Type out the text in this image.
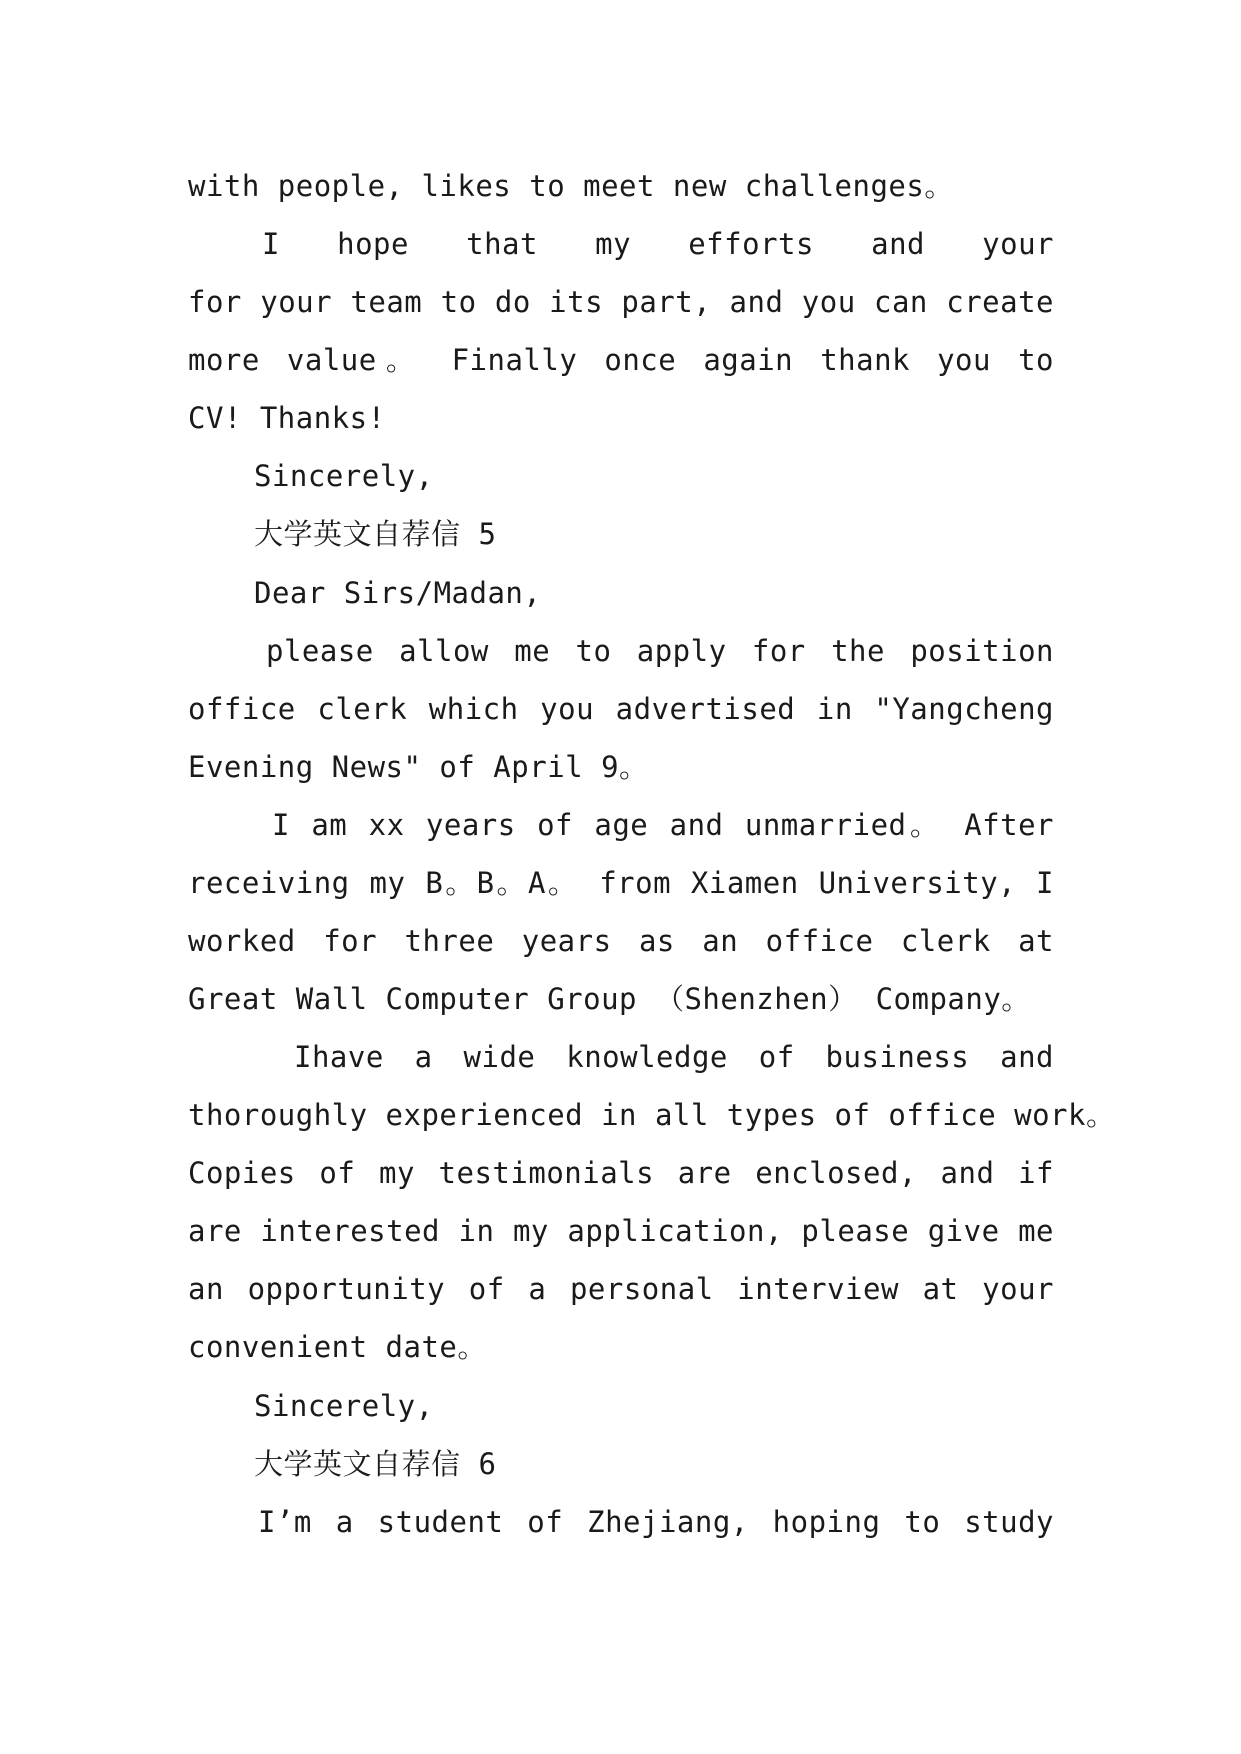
with people, likes to meet new challenges。
I hope that my efforts and your
for your team to do its part, and you can create
more value。 Finally once again thank you to
CV! Thanks!
Sincerely,
大学英文自荐信 5
Dear Sirs/Madan,
please allow me to apply for the position
office clerk which you advertised in "Yangcheng
Evening News" of April 9。
I am xx years of age and unmarried。 After
receiving my B。B。A。 from Xiamen University, I
worked for three years as an office clerk at
Great Wall Computer Group （Shenzhen） Company。
Ihave a wide knowledge of business and
thoroughly experienced in all types of office work。
Copies of my testimonials are enclosed, and if
are interested in my application, please give me
an opportunity of a personal interview at your
convenient date。
Sincerely,
大学英文自荐信 6
I’m a student of Zhejiang, hoping to study
